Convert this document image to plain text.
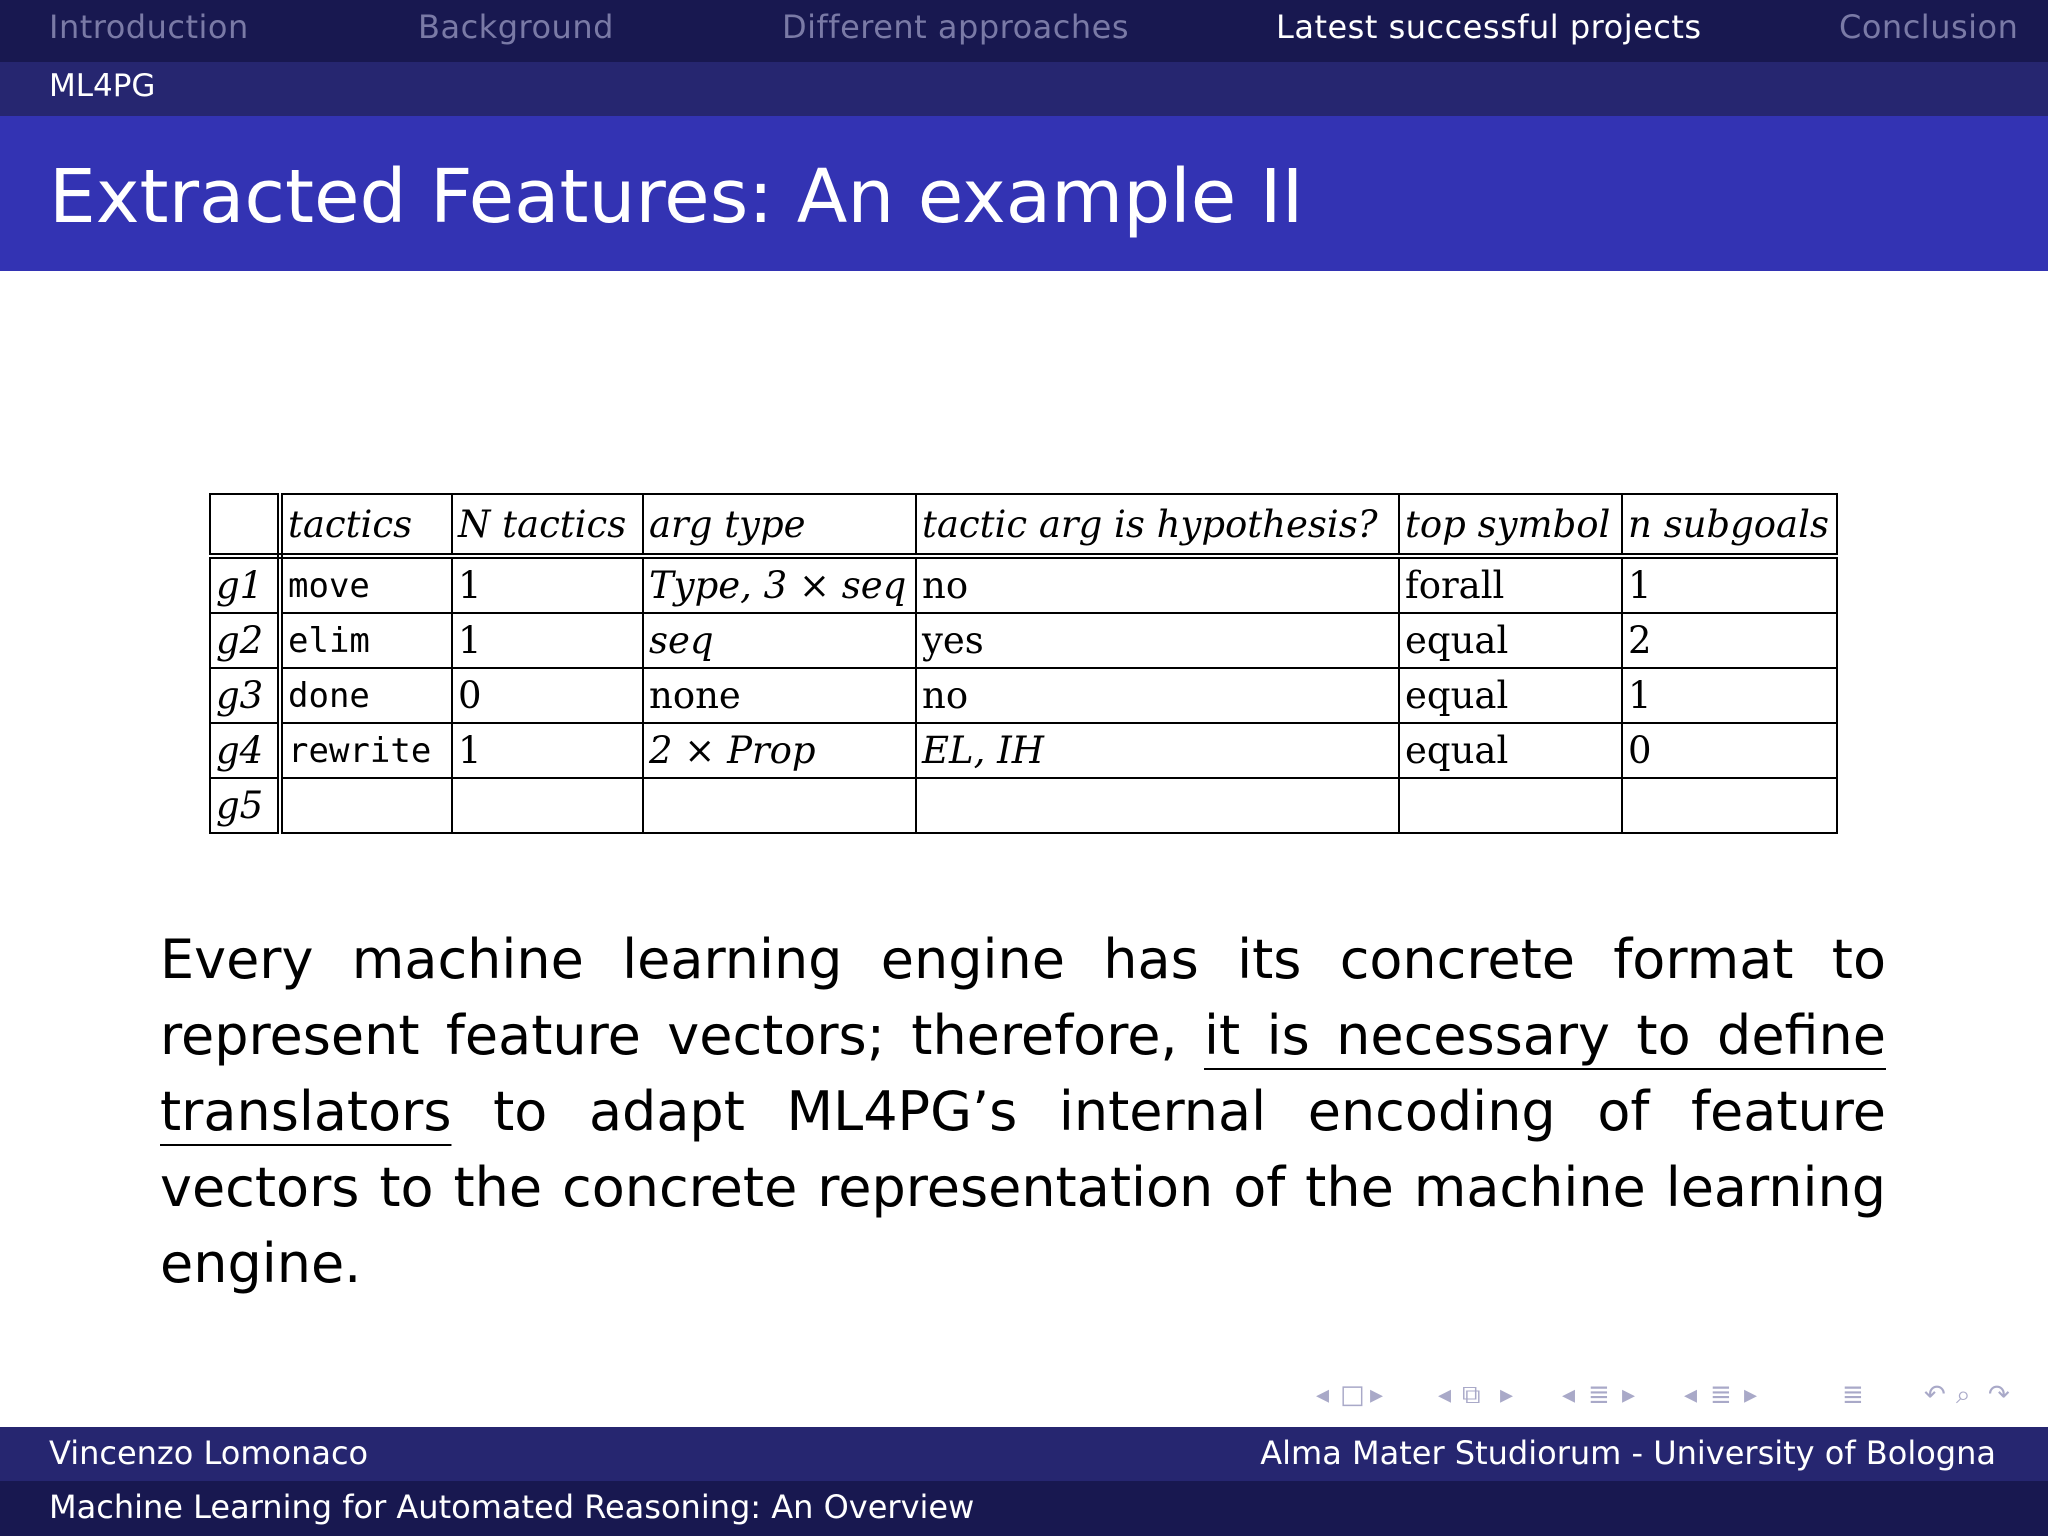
Introduction	Background	Different approaches	Latest successful projects	Conclusion
ML4PG
Extracted Features: An example II
	tactics	N tactics	arg type	tactic arg is hypothesis?	top symbol	n subgoals
g1	move	1	Type, 3 × seq	no	forall	1
g2	elim	1	seq	yes	equal	2
g3	done	0	none	no	equal	1
g4	rewrite	1	2 × Prop	EL, IH	equal	0
g5						
Every machine learning engine has its concrete format to represent feature vectors; therefore, it is necessary to define translators to adapt ML4PG’s internal encoding of feature vectors to the concrete representation of the machine learning engine.
◂ □ ▸ ◂ ⧉ ▸ ◂ ≣ ▸ ◂ ≣ ▸	≣ ↶ ⌕ ↷
Vincenzo Lomonaco	Alma Mater Studiorum - University of Bologna
Machine Learning for Automated Reasoning: An Overview
